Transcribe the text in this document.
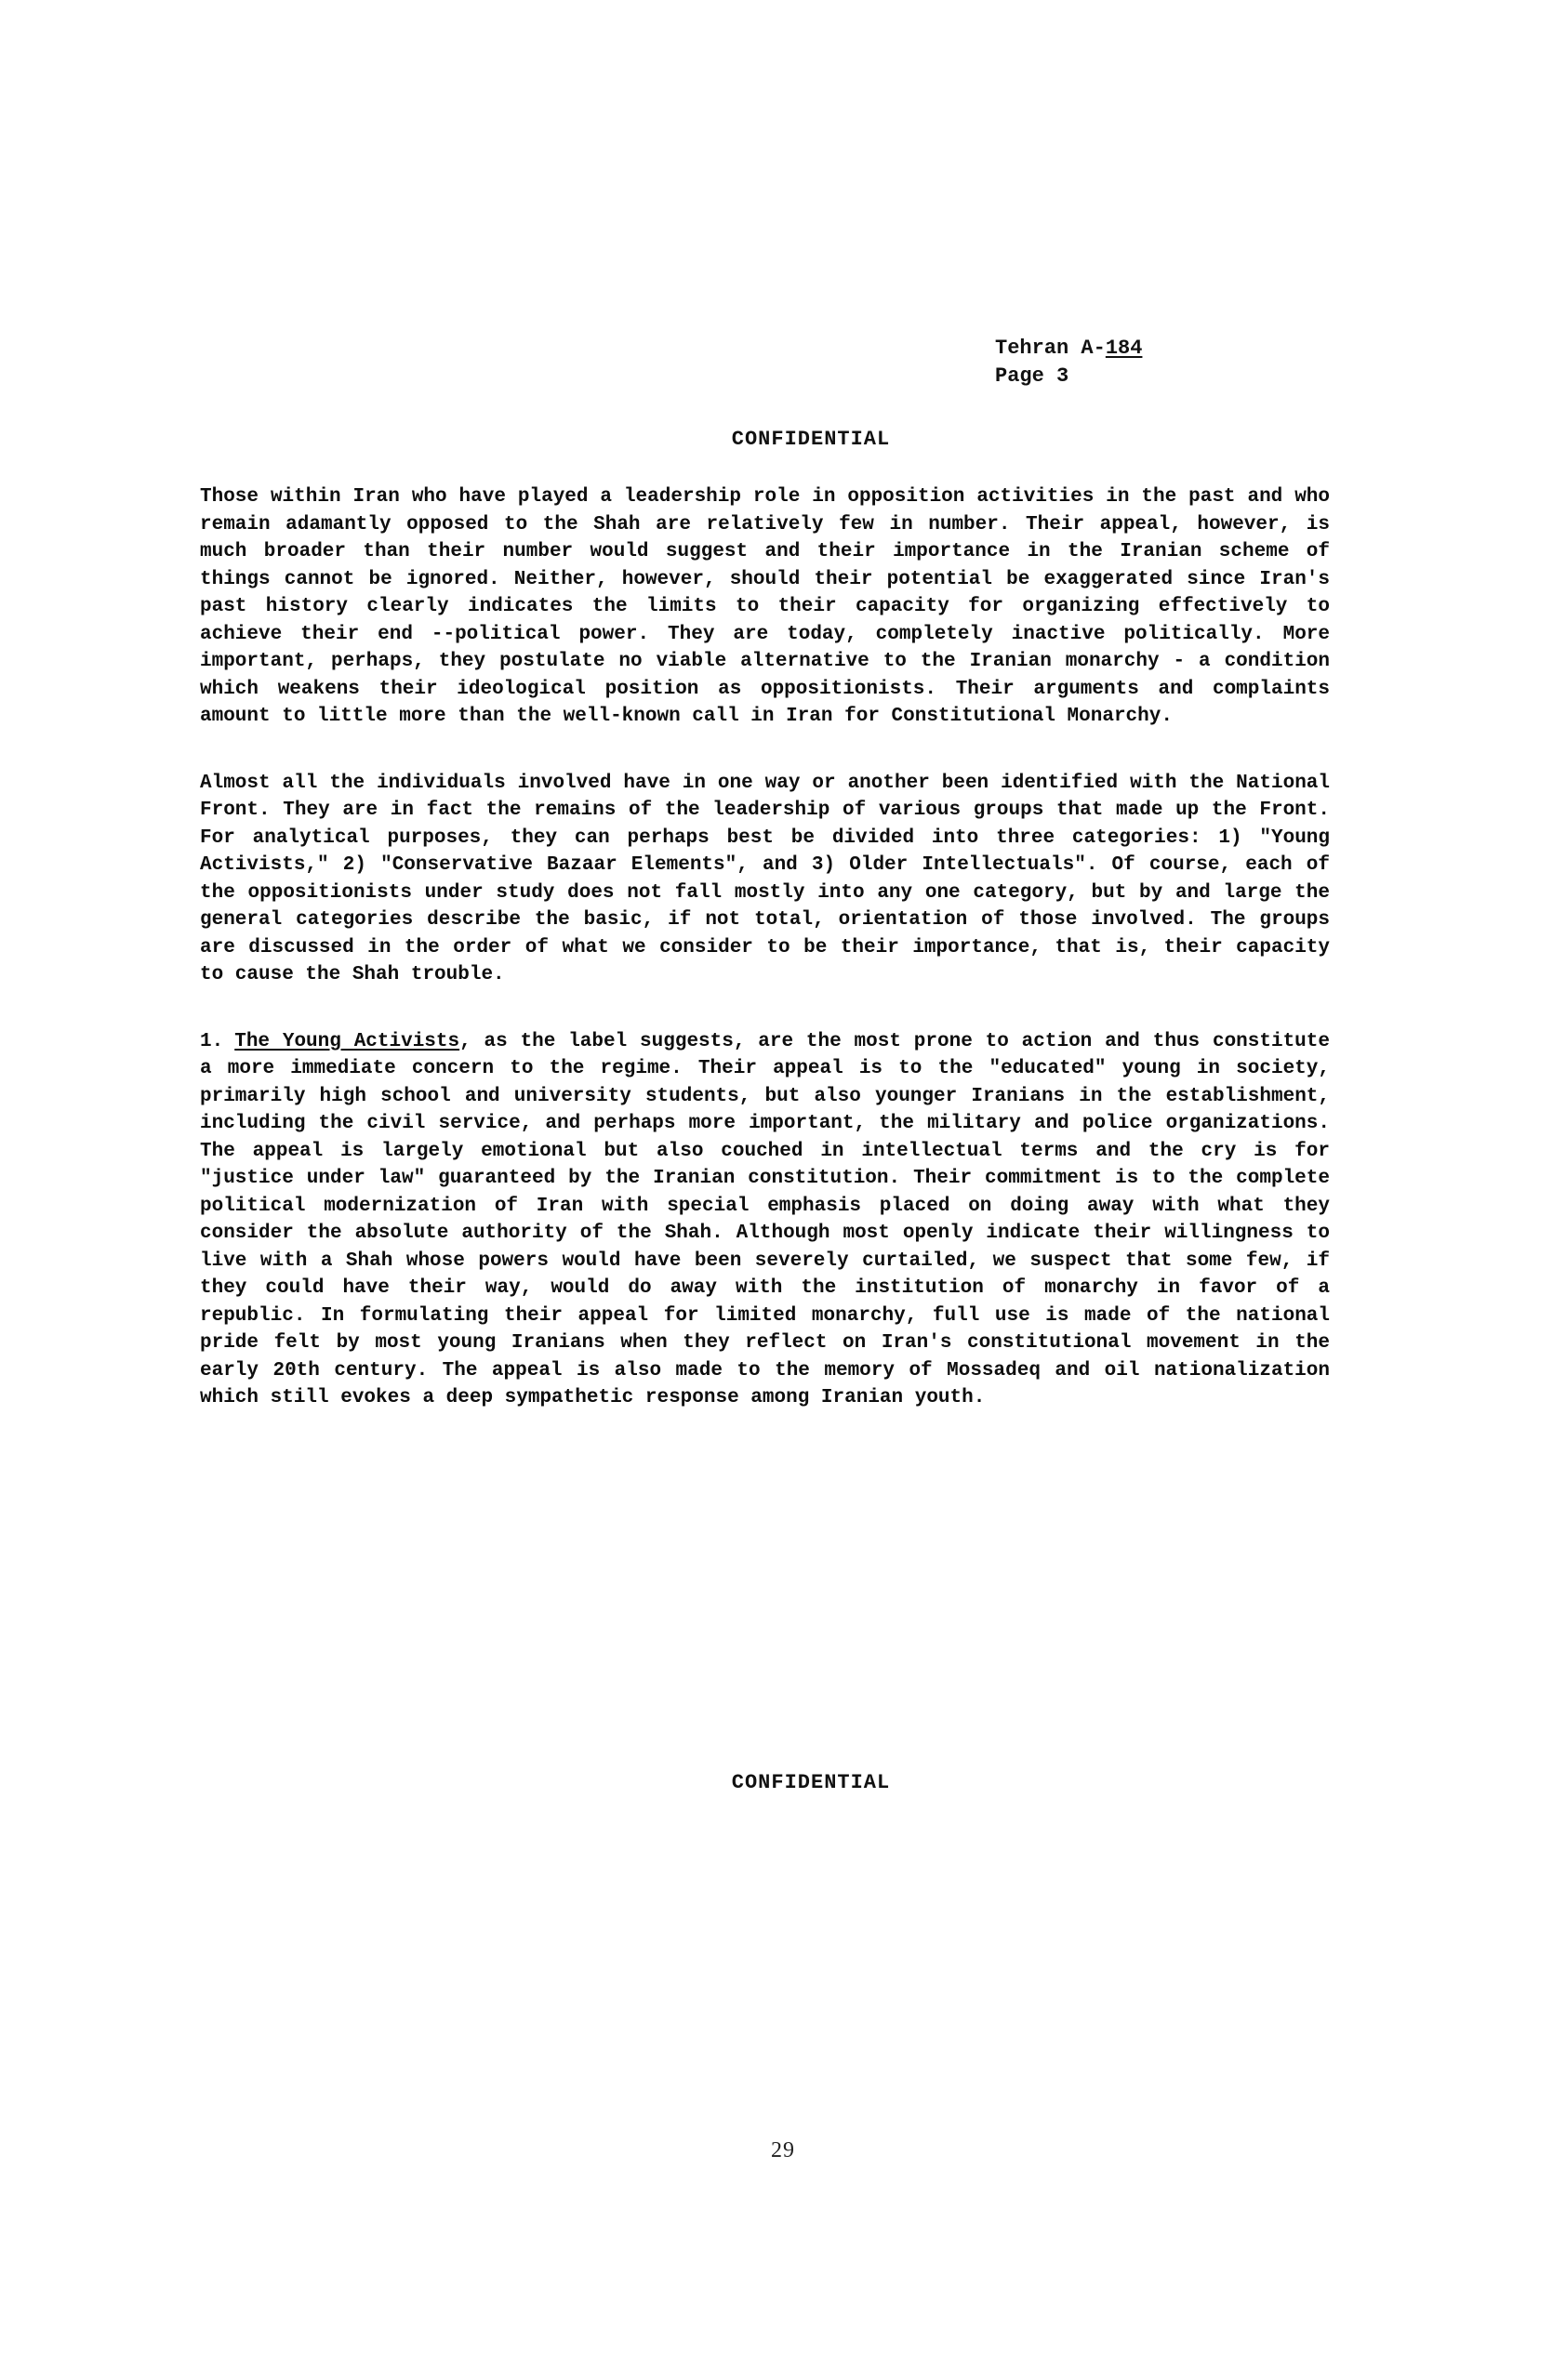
Tehran A-184
Page 3
CONFIDENTIAL

Those within Iran who have played a leadership role in opposition activities in the past and who remain adamantly opposed to the Shah are relatively few in number. Their appeal, however, is much broader than their number would suggest and their importance in the Iranian scheme of things cannot be ignored. Neither, however, should their potential be exaggerated since Iran's past history clearly indicates the limits to their capacity for organizing effectively to achieve their end --political power. They are today, completely inactive politically. More important, perhaps, they postulate no viable alternative to the Iranian monarchy - a condition which weakens their ideological position as oppositionists. Their arguments and complaints amount to little more than the well-known call in Iran for Constitutional Monarchy.

Almost all the individuals involved have in one way or another been identified with the National Front. They are in fact the remains of the leadership of various groups that made up the Front. For analytical purposes, they can perhaps best be divided into three categories: 1) "Young Activists," 2) "Conservative Bazaar Elements", and 3) Older Intellectuals". Of course, each of the oppositionists under study does not fall mostly into any one category, but by and large the general categories describe the basic, if not total, orientation of those involved. The groups are discussed in the order of what we consider to be their importance, that is, their capacity to cause the Shah trouble.

1. The Young Activists, as the label suggests, are the most prone to action and thus constitute a more immediate concern to the regime. Their appeal is to the "educated" young in society, primarily high school and university students, but also younger Iranians in the establishment, including the civil service, and perhaps more important, the military and police organizations. The appeal is largely emotional but also couched in intellectual terms and the cry is for "justice under law" guaranteed by the Iranian constitution. Their commitment is to the complete political modernization of Iran with special emphasis placed on doing away with what they consider the absolute authority of the Shah. Although most openly indicate their willingness to live with a Shah whose powers would have been severely curtailed, we suspect that some few, if they could have their way, would do away with the institution of monarchy in favor of a republic. In formulating their appeal for limited monarchy, full use is made of the national pride felt by most young Iranians when they reflect on Iran's constitutional movement in the early 20th century. The appeal is also made to the memory of Mossadeq and oil nationalization which still evokes a deep sympathetic response among Iranian youth.

CONFIDENTIAL
29
